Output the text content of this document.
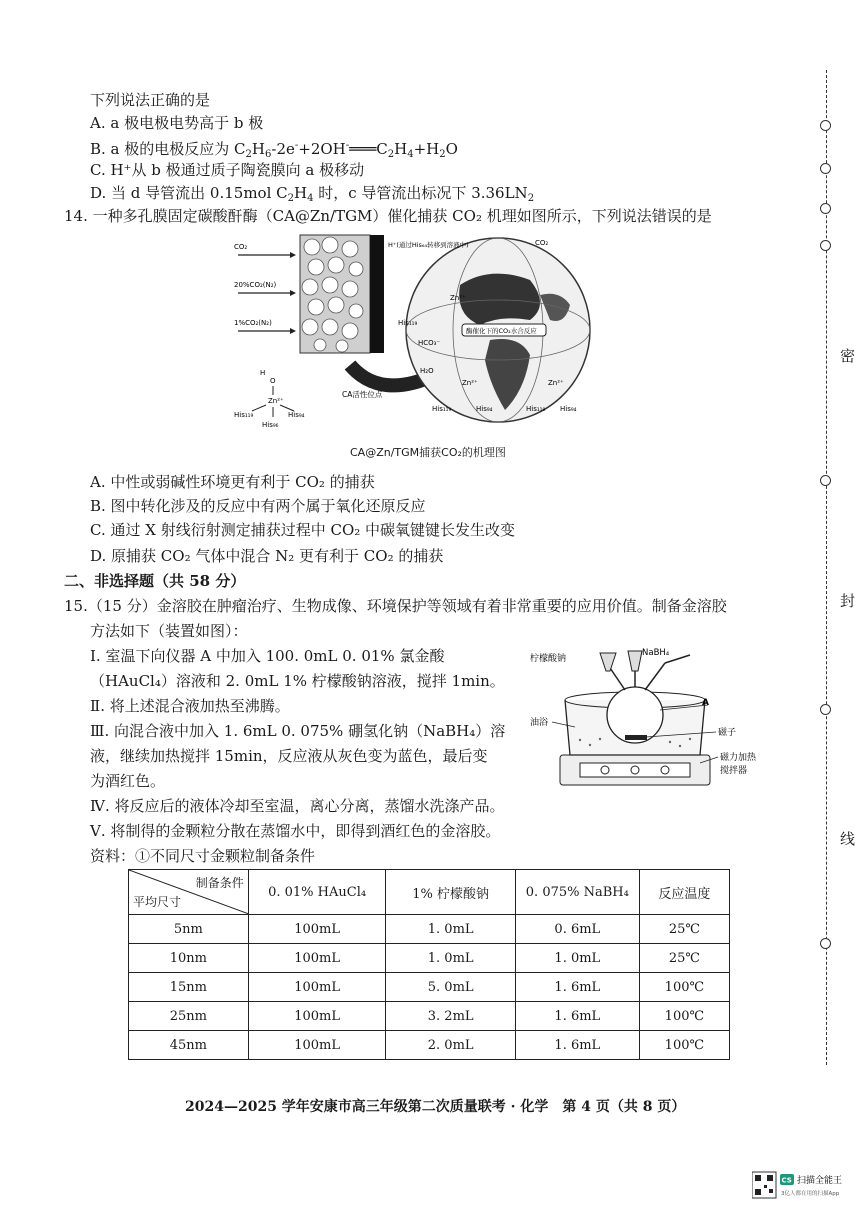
密
封
线
下列说法正确的是
A. a 极电极电势高于 b 极
B. a 极的电极反应为 $C_2H_6-2e^-+2OH^-═══C_2H_4+H_2O$
C. H⁺从 b 极通过质子陶瓷膜向 a 极移动
D. 当 d 导管流出 0.15mol $C_2H_4$ 时，c 导管流出标况下 $3.36LN_2$
14. 一种多孔膜固定碳酸酐酶（CA@Zn/TGM）催化捕获 CO₂ 机理如图所示，下列说法错误的是
酶催化下的CO₂水合反应
CO₂
20%CO₂(N₂)
1%CO₂(N₂)
H⁺(通过His₆₄转移到溶液中)	CO₂
Zn²⁺
His₁₁₉
HCO₃⁻
H₂O
Zn²⁺	Zn²⁺
His₁₁₉	His₉₄	His₁₁₉ His₉₄
H
O
Zn²⁺
His₁₁₉	His₉₄
His₉₆
CA活性位点
CA@Zn/TGM捕获CO₂的机理图
A. 中性或弱碱性环境更有利于 CO₂ 的捕获
B. 图中转化涉及的反应中有两个属于氧化还原反应
C. 通过 X 射线衍射测定捕获过程中 CO₂ 中碳氧键键长发生改变
D. 原捕获 CO₂ 气体中混合 N₂ 更有利于 CO₂ 的捕获
二、非选择题（共 58 分）
15.（15 分）金溶胶在肿瘤治疗、生物成像、环境保护等领域有着非常重要的应用价值。制备金溶胶
方法如下（装置如图）：
Ⅰ. 室温下向仪器 A 中加入 100. 0mL 0. 01% 氯金酸
（HAuCl₄）溶液和 2. 0mL 1% 柠檬酸钠溶液，搅拌 1min。
Ⅱ. 将上述混合液加热至沸腾。
Ⅲ. 向混合液中加入 1. 6mL 0. 075% 硼氢化钠（NaBH₄）溶
液，继续加热搅拌 15min，反应液从灰色变为蓝色，最后变
为酒红色。
Ⅳ. 将反应后的液体冷却至室温，离心分离，蒸馏水洗涤产品。
Ⅴ. 将制得的金颗粒分散在蒸馏水中，即得到酒红色的金溶胶。
资料：①不同尺寸金颗粒制备条件
柠檬酸钠
NaBH₄
A
油浴
磁子
磁力加热
搅拌器
制备条件
平均尺寸	0. 01% HAuCl₄	1% 柠檬酸钠	0. 075% NaBH₄	反应温度
5nm	100mL	1. 0mL	0. 6mL	25℃
10nm	100mL	1. 0mL	1. 0mL	25℃
15nm	100mL	5. 0mL	1. 6mL	100℃
25nm	100mL	3. 2mL	1. 6mL	100℃
45nm	100mL	2. 0mL	1. 6mL	100℃
2024—2025 学年安康市高三年级第二次质量联考 · 化学　第 4 页（共 8 页）
CS 扫描全能王
3亿人都在用的扫描App
